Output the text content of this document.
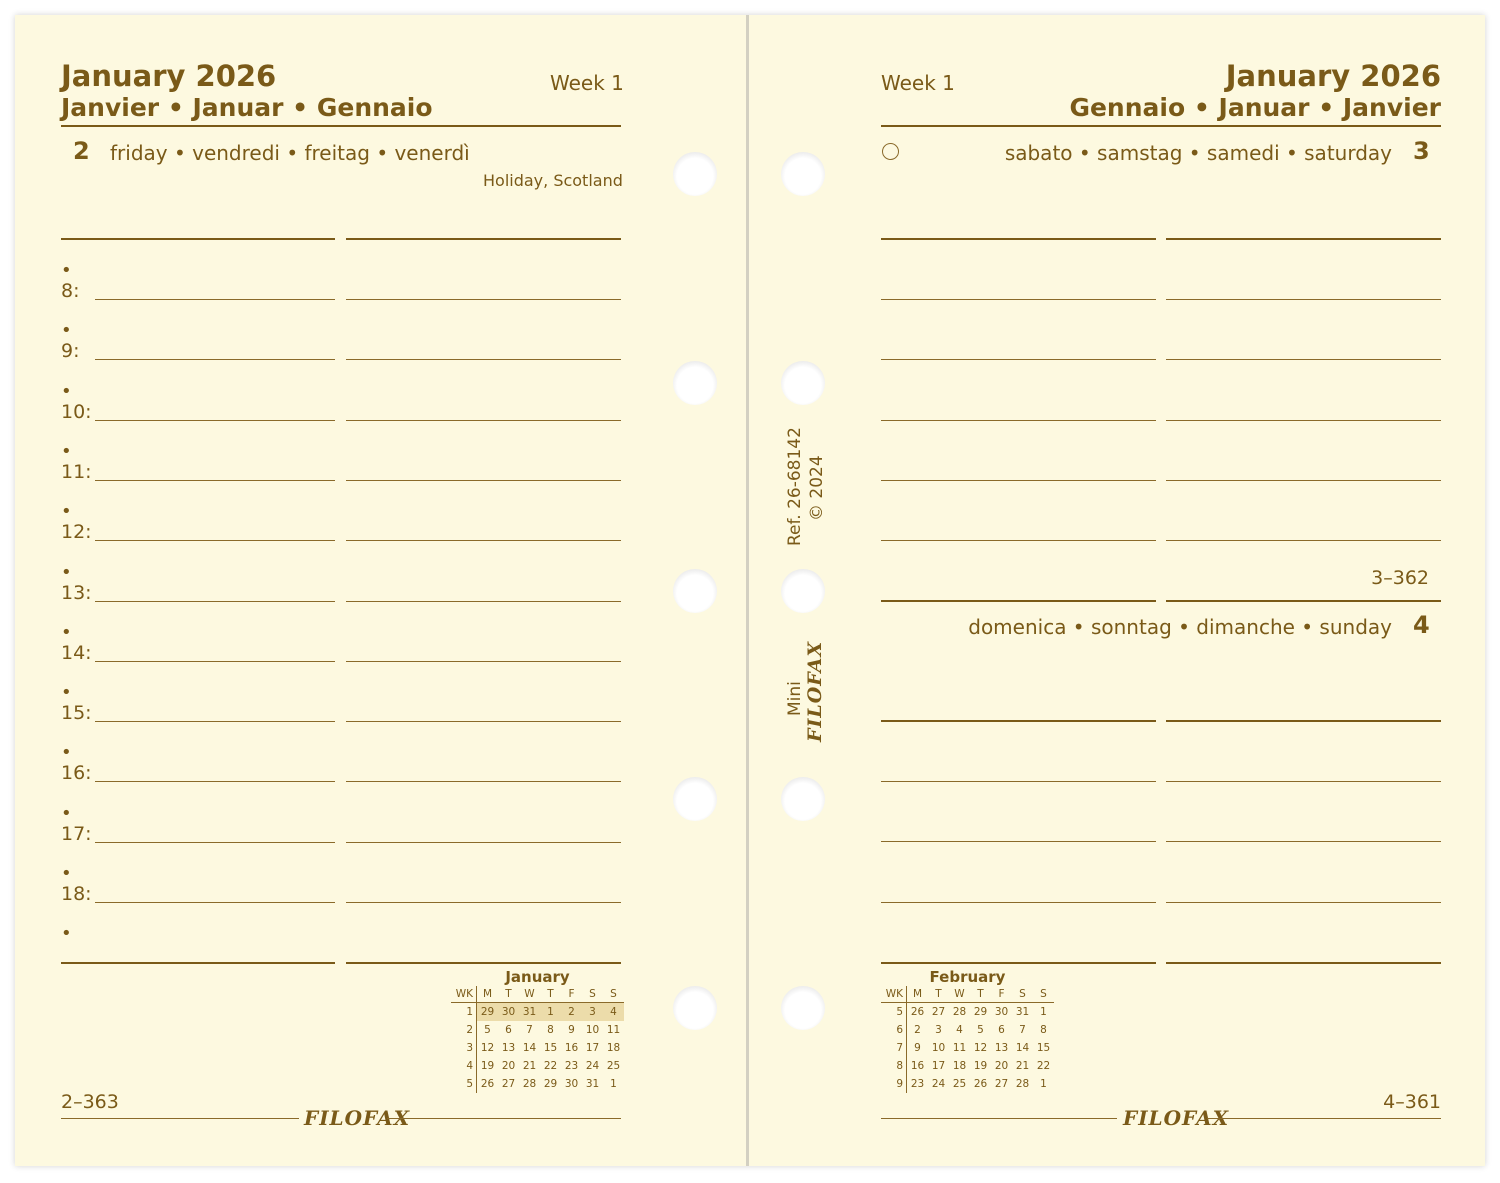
January 2026
Janvier • Januar • Gennaio
Week 1
2 friday • vendredi • freitag • venerdì
Holiday, Scotland
•
8:
•
9:
•
10:
•
11:
•
12:
•
13:
•
14:
•
15:
•
16:
•
17:
•
18:
•
January
WK	M	T	W	T	F	S	S
1	29	30	31	1	2	3	4
2	5	6	7	8	9	10	11
3	12	13	14	15	16	17	18
4	19	20	21	22	23	24	25
5	26	27	28	29	30	31	1
2–363
FILOFAX
Ref. 26-68142 © 2024
Mini FILOFAX
Week 1	January 2026
Gennaio • Januar • Janvier
sabato • samstag • samedi • saturday 3
3–362
domenica • sonntag • dimanche • sunday 4
February
WK	M	T	W	T	F	S	S
5	26	27	28	29	30	31	1
6	2	3	4	5	6	7	8
7	9	10	11	12	13	14	15
8	16	17	18	19	20	21	22
9	23	24	25	26	27	28	1
4–361
FILOFAX
